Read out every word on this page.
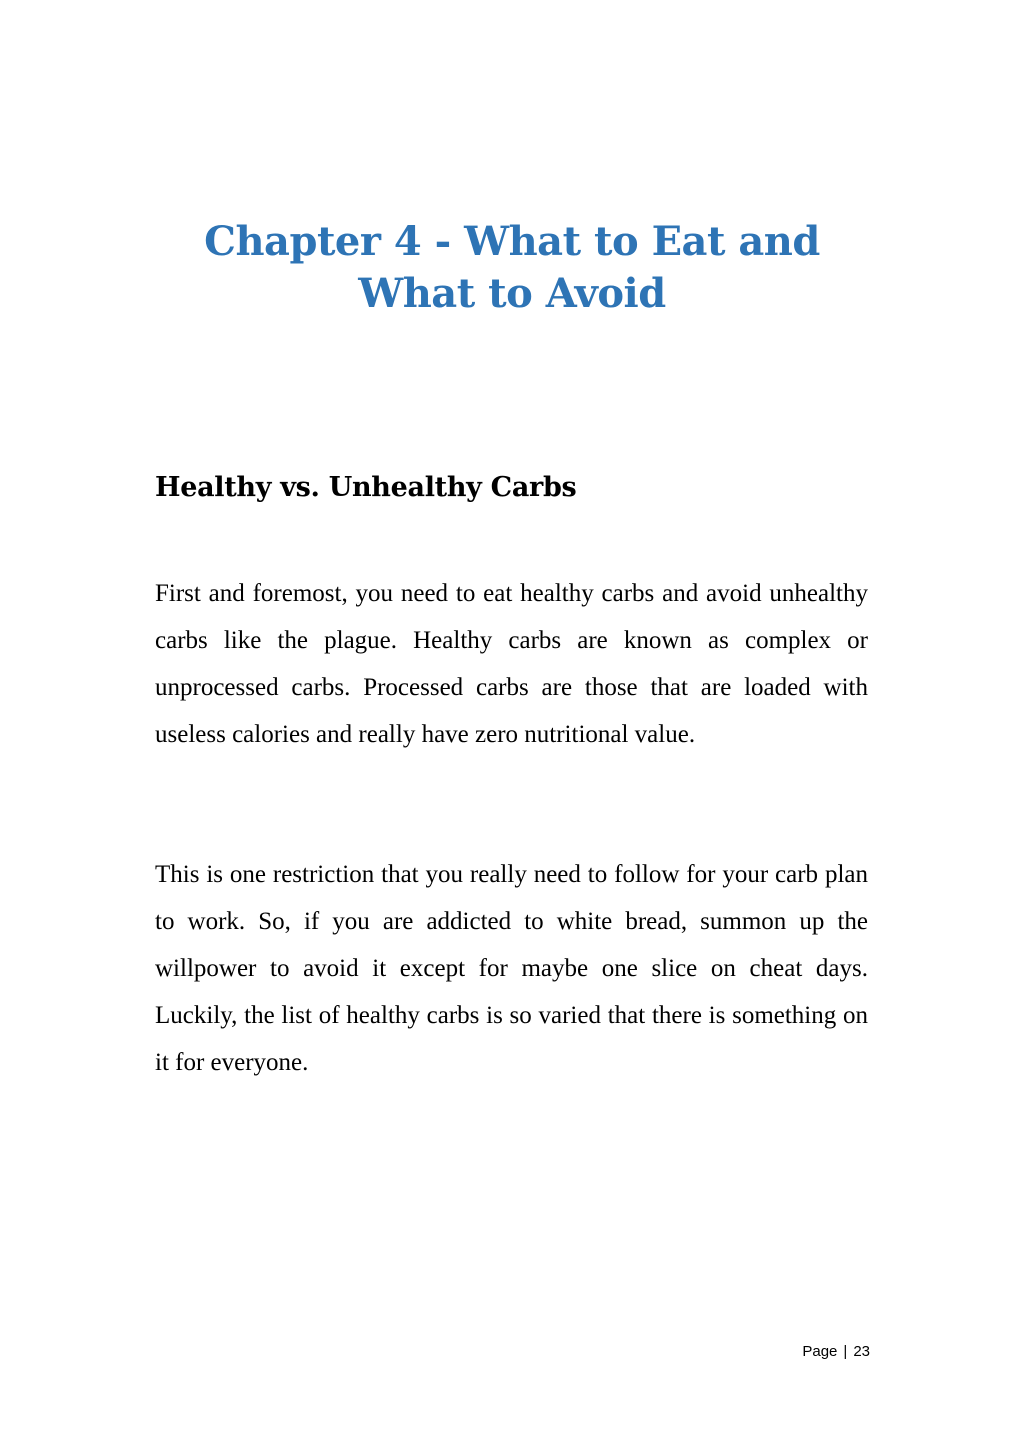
Chapter 4 - What to Eat and What to Avoid
Healthy vs. Unhealthy Carbs

First and foremost, you need to eat healthy carbs and avoid unhealthy carbs like the plague. Healthy carbs are known as complex or unprocessed carbs. Processed carbs are those that are loaded with useless calories and really have zero nutritional value.

This is one restriction that you really need to follow for your carb plan to work. So, if you are addicted to white bread, summon up the willpower to avoid it except for maybe one slice on cheat days. Luckily, the list of healthy carbs is so varied that there is something on it for everyone.

Page | 23
